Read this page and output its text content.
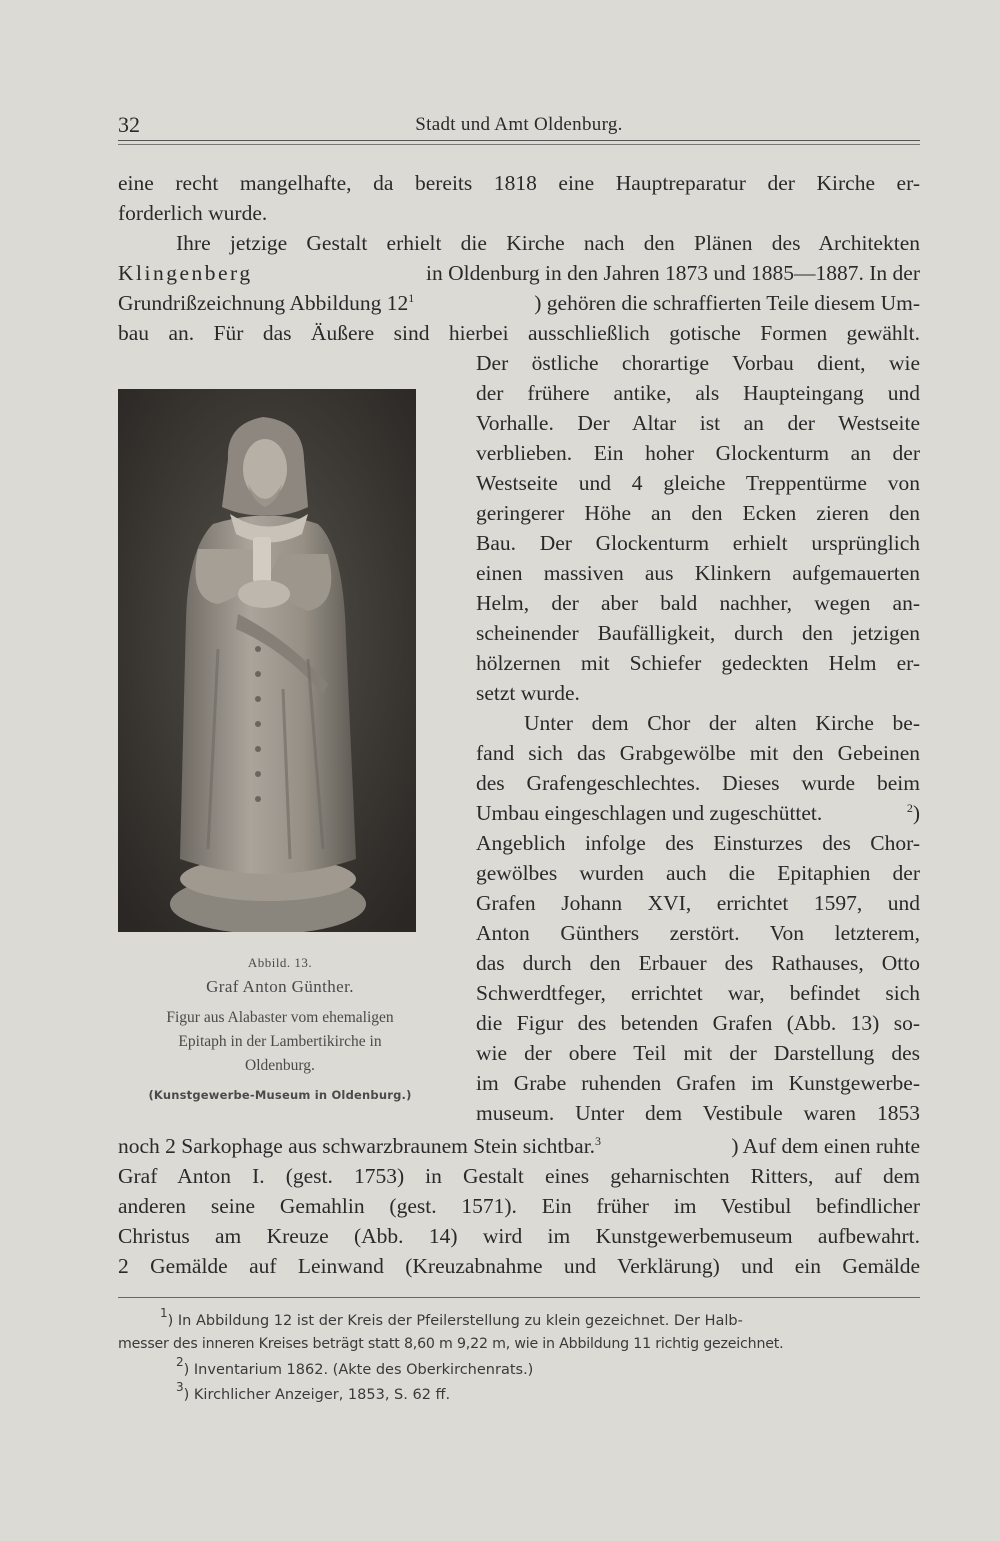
32	Stadt und Amt Oldenburg.
eine recht mangelhafte, da bereits 1818 eine Hauptreparatur der Kirche er-
forderlich wurde.
Ihre jetzige Gestalt erhielt die Kirche nach den Plänen des Architekten
Klingenberg	in Oldenburg in den Jahren 1873 und 1885—1887. In der
Grundrißzeichnung Abbildung $12^1$	) gehören die schraffierten Teile diesem Um-
bau an. Für das Äußere sind hierbei ausschließlich gotische Formen gewählt.
Der östliche chorartige Vorbau dient, wie
der frühere antike, als Haupteingang und
Vorhalle. Der Altar ist an der Westseite
verblieben. Ein hoher Glockenturm an der
Westseite und 4 gleiche Treppentürme von
geringerer Höhe an den Ecken zieren den
Bau. Der Glockenturm erhielt ursprünglich
einen massiven aus Klinkern aufgemauerten
Helm, der aber bald nachher, wegen an-
scheinender Baufälligkeit, durch den jetzigen
hölzernen mit Schiefer gedeckten Helm er-
setzt wurde.
Unter dem Chor der alten Kirche be-
fand sich das Grabgewölbe mit den Gebeinen
des Grafengeschlechtes. Dieses wurde beim
Umbau eingeschlagen und zugeschüttet.	$^2$)
Angeblich infolge des Einsturzes des Chor-
gewölbes wurden auch die Epitaphien der
Grafen Johann XVI, errichtet 1597, und
Anton Günthers zerstört. Von letzterem,
das durch den Erbauer des Rathauses, Otto
Schwerdtfeger, errichtet war, befindet sich
die Figur des betenden Grafen (Abb. 13) so-
wie der obere Teil mit der Darstellung des
im Grabe ruhenden Grafen im Kunstgewerbe-
museum. Unter dem Vestibule waren 1853
noch 2 Sarkophage aus schwarzbraunem Stein sichtbar.$^3$	) Auf dem einen ruhte
Graf Anton I. (gest. 1753) in Gestalt eines geharnischten Ritters, auf dem
anderen seine Gemahlin (gest. 1571). Ein früher im Vestibul befindlicher
Christus am Kreuze (Abb. 14) wird im Kunstgewerbemuseum aufbewahrt.
2 Gemälde auf Leinwand (Kreuzabnahme und Verklärung) und ein Gemälde
Abbild. 13.
Graf Anton Günther.
Figur aus Alabaster vom ehemaligen
Epitaph in der Lambertikirche in
Oldenburg.
(Kunstgewerbe-Museum in Oldenburg.)
$^1$) In Abbildung 12 ist der Kreis der Pfeilerstellung zu klein gezeichnet. Der Halb-
messer des inneren Kreises beträgt statt 8,60 m 9,22 m, wie in Abbildung 11 richtig gezeichnet.
$^2$) Inventarium 1862. (Akte des Oberkirchenrats.)
$^3$) Kirchlicher Anzeiger, 1853, S. 62 ff.
